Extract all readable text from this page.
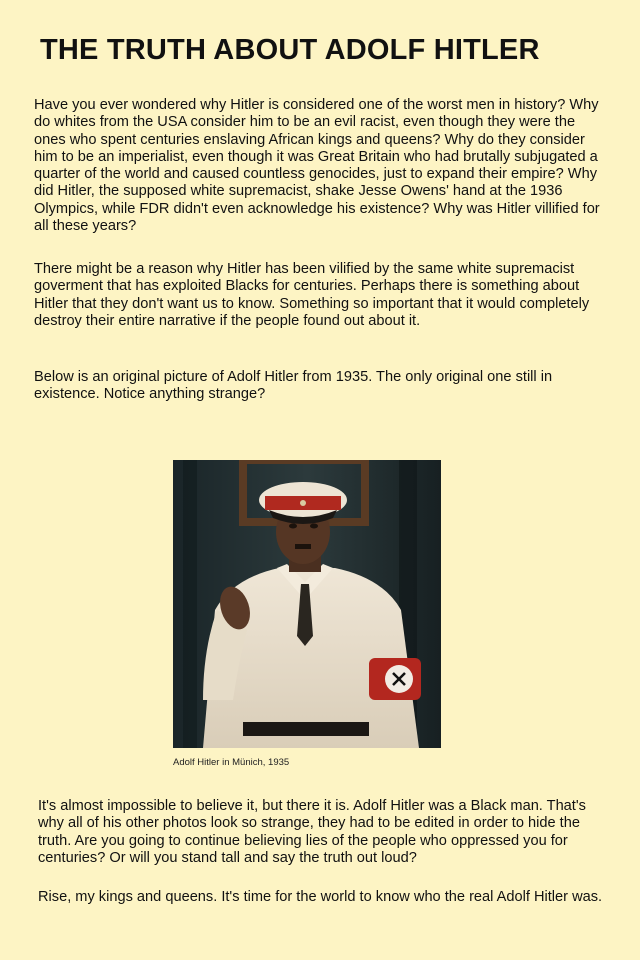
THE TRUTH ABOUT ADOLF HITLER

Have you ever wondered why Hitler is considered one of the worst men in history? Why do whites from the USA consider him to be an evil racist, even though they were the ones who spent centuries enslaving African kings and queens? Why do they consider him to be an imperialist, even though it was Great Britain who had brutally subjugated a quarter of the world and caused countless genocides, just to expand their empire? Why did Hitler, the supposed white supremacist, shake Jesse Owens' hand at the 1936 Olympics, while FDR didn't even acknowledge his existence? Why was Hitler villified for all these years?

There might be a reason why Hitler has been vilified by the same white supremacist goverment that has exploited Blacks for centuries. Perhaps there is something about Hitler that they don't want us to know. Something so important that it would completely destroy their entire narrative if the people found out about it.

Below is an original picture of Adolf Hitler from 1935. The only original one still in existence. Notice anything strange?

Adolf Hitler in Münich, 1935

It's almost impossible to believe it, but there it is. Adolf Hitler was a Black man. That's why all of his other photos look so strange, they had to be edited in order to hide the truth. Are you going to continue believing lies of the people who oppressed you for centuries? Or will you stand tall and say the truth out loud?

Rise, my kings and queens. It's time for the world to know who the real Adolf Hitler was.
